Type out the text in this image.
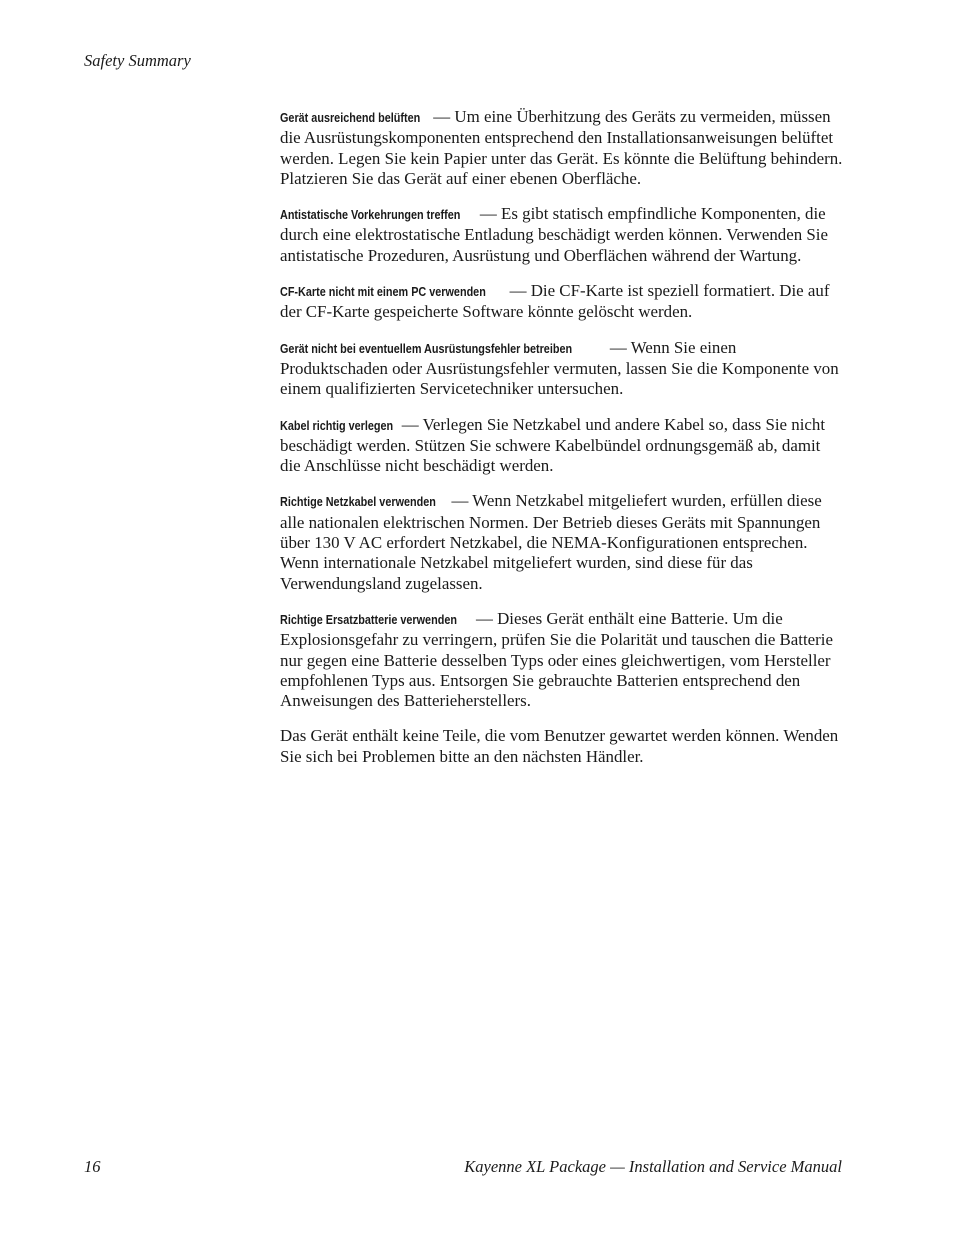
Safety Summary

Gerät ausreichend belüften — Um eine Überhitzung des Geräts zu vermeiden, müssen die Ausrüstungskomponenten entsprechend den Installationsanweisungen belüftet werden. Legen Sie kein Papier unter das Gerät. Es könnte die Belüftung behindern. Platzieren Sie das Gerät auf einer ebenen Oberfläche.

Antistatische Vorkehrungen treffen — Es gibt statisch empfindliche Komponenten, die durch eine elektrostatische Entladung beschädigt werden können. Verwenden Sie antistatische Prozeduren, Ausrüstung und Oberflächen während der Wartung.

CF-Karte nicht mit einem PC verwenden — Die CF-Karte ist speziell formatiert. Die auf der CF-Karte gespeicherte Software könnte gelöscht werden.

Gerät nicht bei eventuellem Ausrüstungsfehler betreiben — Wenn Sie einen Produktschaden oder Ausrüstungsfehler vermuten, lassen Sie die Komponente von einem qualifizierten Servicetechniker untersuchen.

Kabel richtig verlegen — Verlegen Sie Netzkabel und andere Kabel so, dass Sie nicht beschädigt werden. Stützen Sie schwere Kabelbündel ordnungsgemäß ab, damit die Anschlüsse nicht beschädigt werden.

Richtige Netzkabel verwenden — Wenn Netzkabel mitgeliefert wurden, erfüllen diese alle nationalen elektrischen Normen. Der Betrieb dieses Geräts mit Spannungen über 130 V AC erfordert Netzkabel, die NEMA-Konfigurationen entsprechen. Wenn internationale Netzkabel mitgeliefert wurden, sind diese für das Verwendungsland zugelassen.

Richtige Ersatzbatterie verwenden — Dieses Gerät enthält eine Batterie. Um die Explosionsgefahr zu verringern, prüfen Sie die Polarität und tauschen die Batterie nur gegen eine Batterie desselben Typs oder eines gleichwertigen, vom Hersteller empfohlenen Typs aus. Entsorgen Sie gebrauchte Batterien entsprechend den Anweisungen des Batterieherstellers.

Das Gerät enthält keine Teile, die vom Benutzer gewartet werden können. Wenden Sie sich bei Problemen bitte an den nächsten Händler.

16	Kayenne XL Package — Installation and Service Manual
